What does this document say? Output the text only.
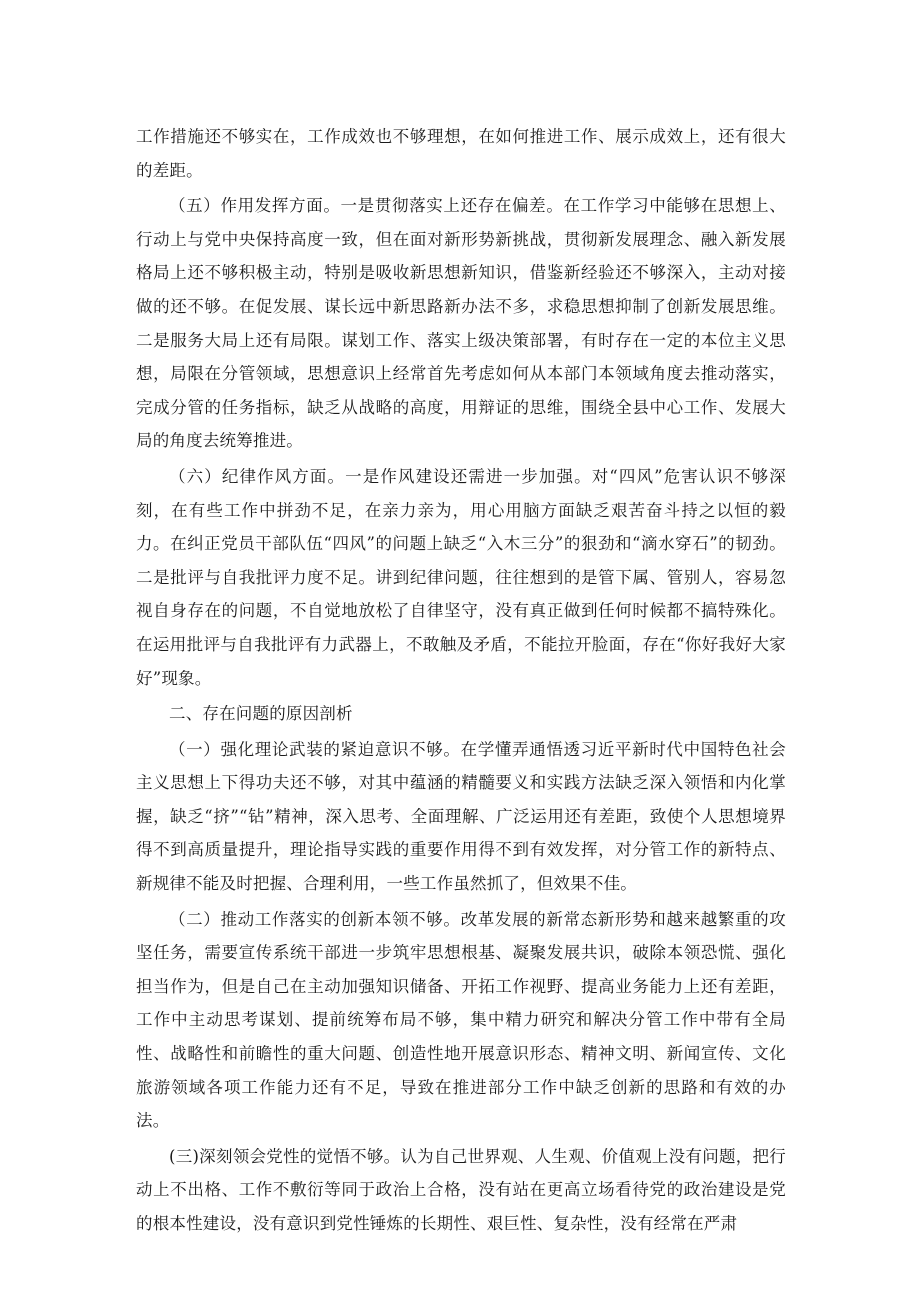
工作措施还不够实在，工作成效也不够理想，在如何推进工作、展示成效上，还有很大的差距。

（五）作用发挥方面。一是贯彻落实上还存在偏差。在工作学习中能够在思想上、行动上与党中央保持高度一致，但在面对新形势新挑战，贯彻新发展理念、融入新发展格局上还不够积极主动，特别是吸收新思想新知识，借鉴新经验还不够深入，主动对接做的还不够。在促发展、谋长远中新思路新办法不多，求稳思想抑制了创新发展思维。二是服务大局上还有局限。谋划工作、落实上级决策部署，有时存在一定的本位主义思想，局限在分管领域，思想意识上经常首先考虑如何从本部门本领域角度去推动落实，完成分管的任务指标，缺乏从战略的高度，用辩证的思维，围绕全县中心工作、发展大局的角度去统筹推进。

（六）纪律作风方面。一是作风建设还需进一步加强。对“四风”危害认识不够深刻，在有些工作中拼劲不足，在亲力亲为，用心用脑方面缺乏艰苦奋斗持之以恒的毅力。在纠正党员干部队伍“四风”的问题上缺乏“入木三分”的狠劲和“滴水穿石”的韧劲。二是批评与自我批评力度不足。讲到纪律问题，往往想到的是管下属、管别人，容易忽视自身存在的问题，不自觉地放松了自律坚守，没有真正做到任何时候都不搞特殊化。在运用批评与自我批评有力武器上，不敢触及矛盾，不能拉开脸面，存在“你好我好大家好”现象。

二、存在问题的原因剖析

（一）强化理论武装的紧迫意识不够。在学懂弄通悟透习近平新时代中国特色社会主义思想上下得功夫还不够，对其中蕴涵的精髓要义和实践方法缺乏深入领悟和内化掌握，缺乏“挤”“钻”精神，深入思考、全面理解、广泛运用还有差距，致使个人思想境界得不到高质量提升，理论指导实践的重要作用得不到有效发挥，对分管工作的新特点、新规律不能及时把握、合理利用，一些工作虽然抓了，但效果不佳。

（二）推动工作落实的创新本领不够。改革发展的新常态新形势和越来越繁重的攻坚任务，需要宣传系统干部进一步筑牢思想根基、凝聚发展共识，破除本领恐慌、强化担当作为，但是自己在主动加强知识储备、开拓工作视野、提高业务能力上还有差距，工作中主动思考谋划、提前统筹布局不够，集中精力研究和解决分管工作中带有全局性、战略性和前瞻性的重大问题、创造性地开展意识形态、精神文明、新闻宣传、文化旅游领域各项工作能力还有不足，导致在推进部分工作中缺乏创新的思路和有效的办法。

(三)深刻领会党性的觉悟不够。认为自己世界观、人生观、价值观上没有问题，把行动上不出格、工作不敷衍等同于政治上合格，没有站在更高立场看待党的政治建设是党的根本性建设，没有意识到党性锤炼的长期性、艰巨性、复杂性，没有经常在严肃
